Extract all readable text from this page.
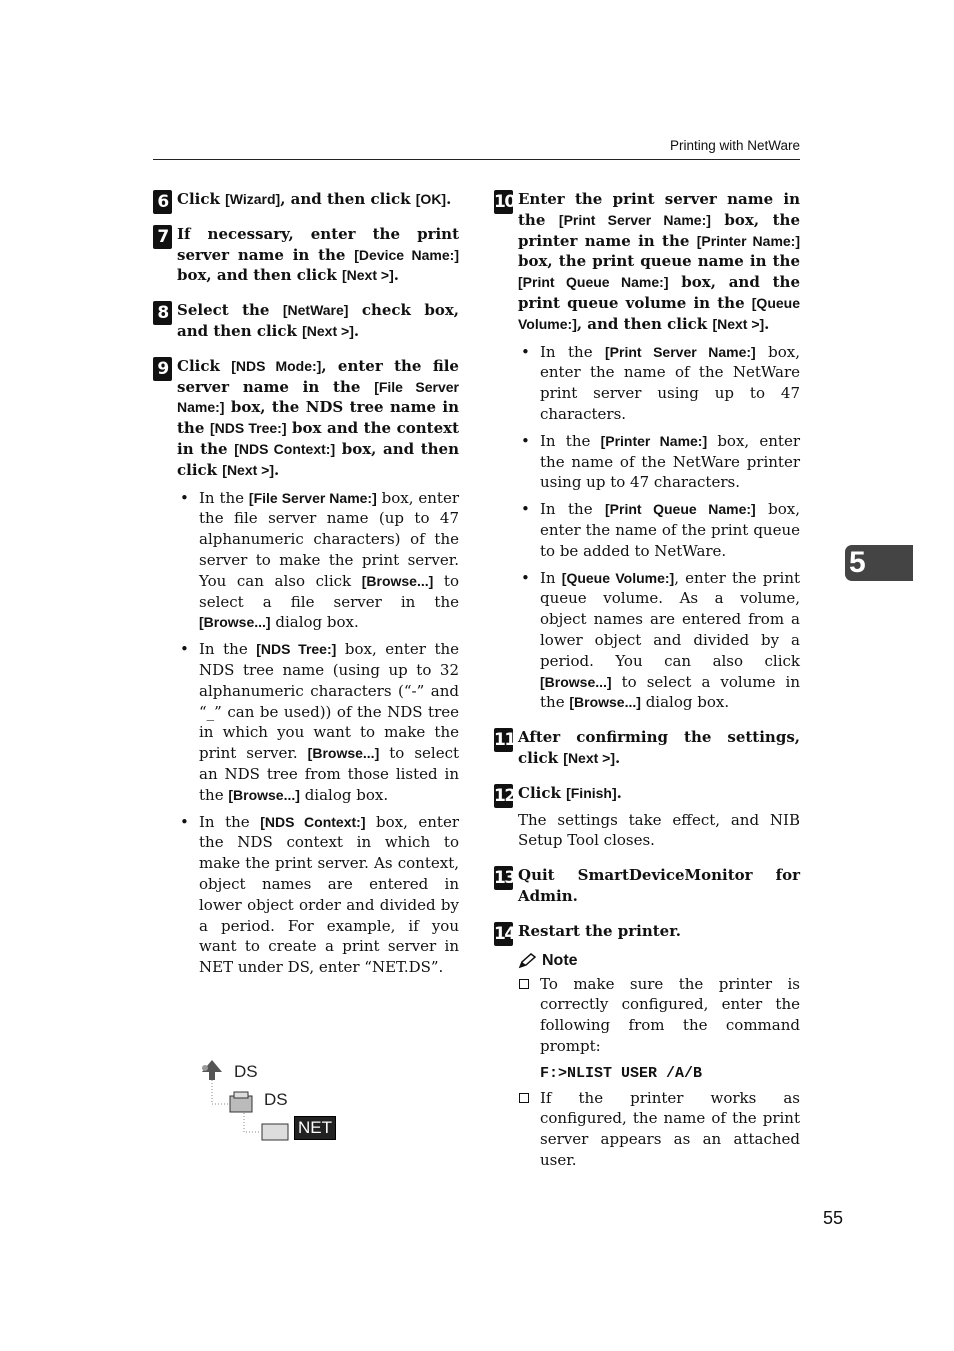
Printing with NetWare
6 Click [Wizard], and then click [OK].
7 If necessary, enter the print server name in the [Device Name:] box, and then click [Next >].
8 Select the [NetWare] check box, and then click [Next >].
9 Click [NDS Mode:], enter the file server name in the [File Server Name:] box, the NDS tree name in the [NDS Tree:] box and the context in the [NDS Context:] box, and then click [Next >].
• In the [File Server Name:] box, enter the file server name (up to 47 alphanumeric characters) of the server to make the print server. You can also click [Browse...] to select a file server in the [Browse...] dialog box.
• In the [NDS Tree:] box, enter the NDS tree name (using up to 32 alphanumeric characters (“-” and “_” can be used)) of the NDS tree in which you want to make the print server. [Browse...] to select an NDS tree from those listed in the [Browse...] dialog box.
• In the [NDS Context:] box, enter the NDS context in which to make the print server. As context, object names are entered in lower object order and divided by a period. For example, if you want to create a print server in NET under DS, enter “NET.DS”.
DS
DS
NET
10 Enter the print server name in the [Print Server Name:] box, the printer name in the [Printer Name:] box, the print queue name in the [Print Queue Name:] box, and the print queue volume in the [Queue Volume:], and then click [Next >].
• In the [Print Server Name:] box, enter the name of the NetWare print server using up to 47 characters.
• In the [Printer Name:] box, enter the name of the NetWare printer using up to 47 characters.
• In the [Print Queue Name:] box, enter the name of the print queue to be added to NetWare.
• In [Queue Volume:], enter the print queue volume. As a volume, object names are entered from a lower object and divided by a period. You can also click [Browse...] to select a volume in the [Browse...] dialog box.
11 After confirming the settings, click [Next >].
12 Click [Finish].
The settings take effect, and NIB Setup Tool closes.
13 Quit SmartDeviceMonitor for Admin.
14 Restart the printer.
Note
To make sure the printer is correctly configured, enter the following from the command prompt:
F:>NLIST USER /A/B
If the printer works as configured, the name of the print server appears as an attached user.
5
55
